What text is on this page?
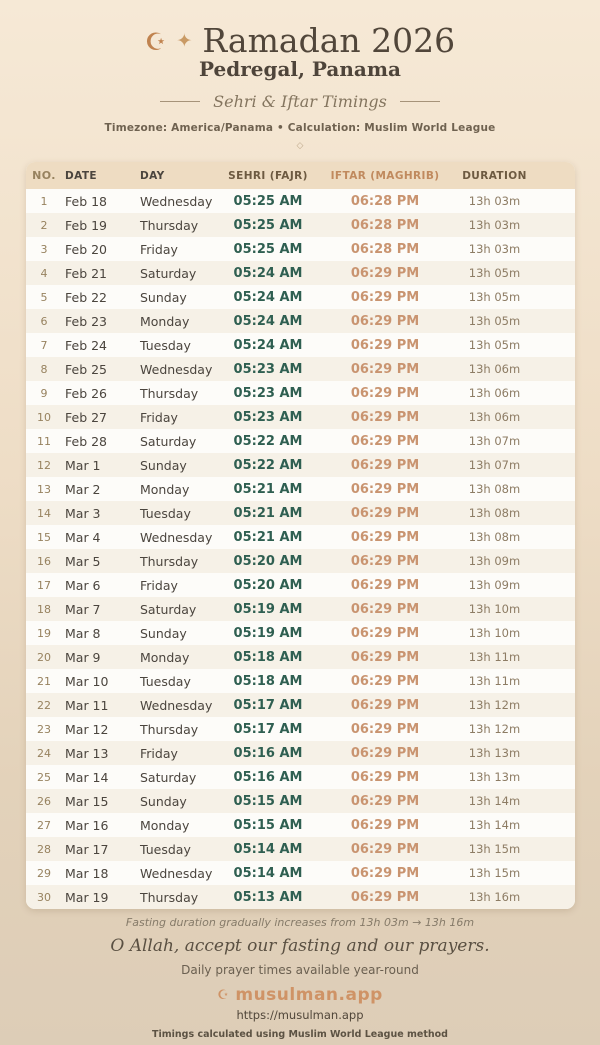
☪ ✦ Ramadan 2026
Pedregal, Panama
Sehri & Iftar Timings
Timezone: America/Panama • Calculation: Muslim World League
◇
NO. DATE	DAY	SEHRI (FAJR)	IFTAR (MAGHRIB)	DURATION
1	Feb 18	Wednesday	05:25 AM	06:28 PM	13h 03m
2	Feb 19	Thursday	05:25 AM	06:28 PM	13h 03m
3	Feb 20	Friday	05:25 AM	06:28 PM	13h 03m
4	Feb 21	Saturday	05:24 AM	06:29 PM	13h 05m
5	Feb 22	Sunday	05:24 AM	06:29 PM	13h 05m
6	Feb 23	Monday	05:24 AM	06:29 PM	13h 05m
7	Feb 24	Tuesday	05:24 AM	06:29 PM	13h 05m
8	Feb 25	Wednesday	05:23 AM	06:29 PM	13h 06m
9	Feb 26	Thursday	05:23 AM	06:29 PM	13h 06m
10	Feb 27	Friday	05:23 AM	06:29 PM	13h 06m
11	Feb 28	Saturday	05:22 AM	06:29 PM	13h 07m
12	Mar 1	Sunday	05:22 AM	06:29 PM	13h 07m
13	Mar 2	Monday	05:21 AM	06:29 PM	13h 08m
14	Mar 3	Tuesday	05:21 AM	06:29 PM	13h 08m
15	Mar 4	Wednesday	05:21 AM	06:29 PM	13h 08m
16	Mar 5	Thursday	05:20 AM	06:29 PM	13h 09m
17	Mar 6	Friday	05:20 AM	06:29 PM	13h 09m
18	Mar 7	Saturday	05:19 AM	06:29 PM	13h 10m
19	Mar 8	Sunday	05:19 AM	06:29 PM	13h 10m
20	Mar 9	Monday	05:18 AM	06:29 PM	13h 11m
21	Mar 10	Tuesday	05:18 AM	06:29 PM	13h 11m
22	Mar 11	Wednesday	05:17 AM	06:29 PM	13h 12m
23	Mar 12	Thursday	05:17 AM	06:29 PM	13h 12m
24	Mar 13	Friday	05:16 AM	06:29 PM	13h 13m
25	Mar 14	Saturday	05:16 AM	06:29 PM	13h 13m
26	Mar 15	Sunday	05:15 AM	06:29 PM	13h 14m
27	Mar 16	Monday	05:15 AM	06:29 PM	13h 14m
28	Mar 17	Tuesday	05:14 AM	06:29 PM	13h 15m
29	Mar 18	Wednesday	05:14 AM	06:29 PM	13h 15m
30	Mar 19	Thursday	05:13 AM	06:29 PM	13h 16m
Fasting duration gradually increases from 13h 03m → 13h 16m
O Allah, accept our fasting and our prayers.
Daily prayer times available year-round
☪ musulman.app
https://musulman.app
Timings calculated using Muslim World League method
